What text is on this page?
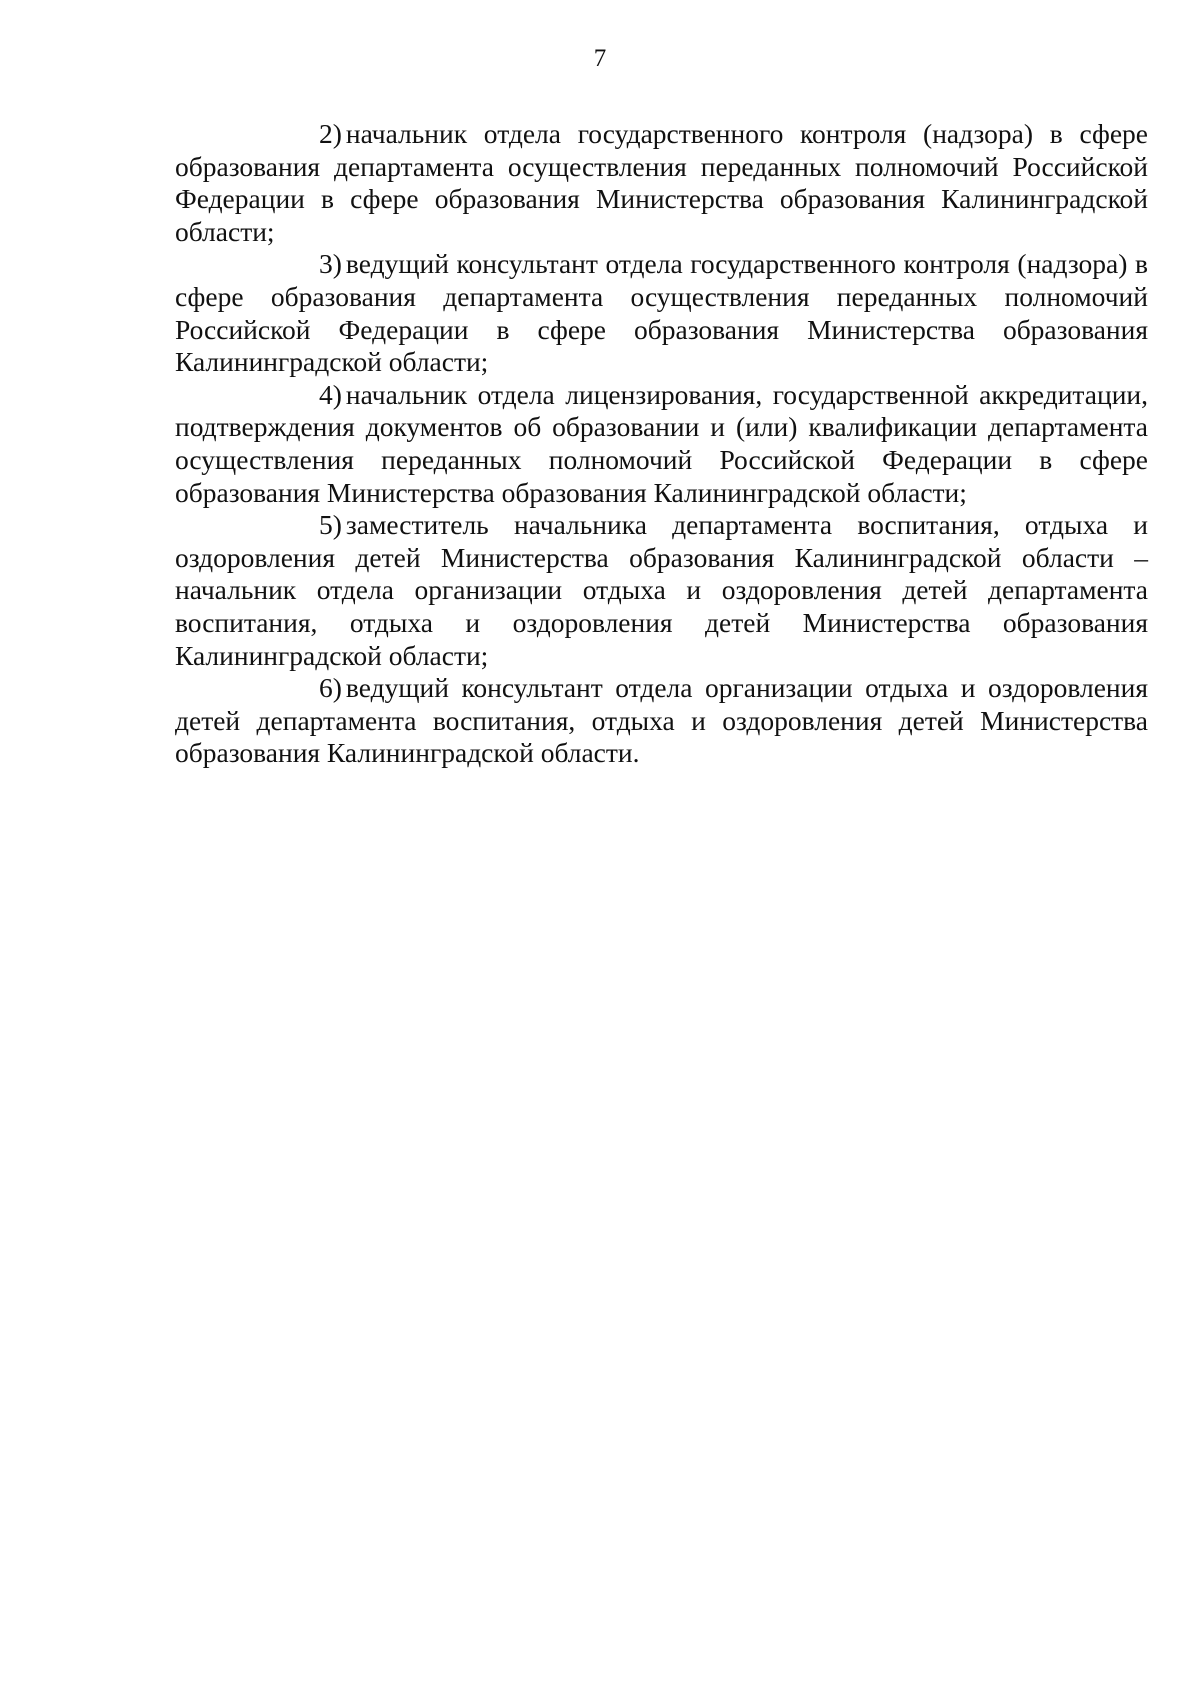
7

2) начальник отдела государственного контроля (надзора) в сфере образования департамента осуществления переданных полномочий Российской Федерации в сфере образования Министерства образования Калининградской области;

3) ведущий консультант отдела государственного контроля (надзора) в сфере образования департамента осуществления переданных полномочий Российской Федерации в сфере образования Министерства образования Калининградской области;

4) начальник отдела лицензирования, государственной аккредитации, подтверждения документов об образовании и (или) квалификации департамента осуществления переданных полномочий Российской Федерации в сфере образования Министерства образования Калининградской области;

5) заместитель начальника департамента воспитания, отдыха и оздоровления детей Министерства образования Калининградской области – начальник отдела организации отдыха и оздоровления детей департамента воспитания, отдыха и оздоровления детей Министерства образования Калининградской области;

6) ведущий консультант отдела организации отдыха и оздоровления детей департамента воспитания, отдыха и оздоровления детей Министерства образования Калининградской области.
